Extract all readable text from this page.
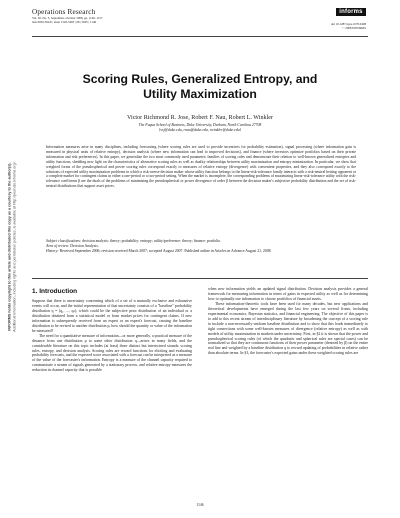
Operations Research
Vol. 56, No. 5, September–October 2008, pp. 1146–1157
issn 0030-364X | eissn 1526-5463 | 08 | 5605 | 1146
informs
doi 10.1287/opre.1070.0498
© 2008 INFORMS
INFORMS holds copyright to this article and distributed this copy as a courtesy to the author(s). Additional information, including rights and permission policies, is available at http://journals.informs.org/.
Scoring Rules, Generalized Entropy, and
Utility Maximization
Victor Richmond R. Jose, Robert F. Nau, Robert L. Winkler
The Fuqua School of Business, Duke University, Durham, North Carolina 27708
{vrj@duke.edu, rnau@duke.edu, rwinkler@duke.edu}
Information measures arise in many disciplines, including forecasting (where scoring rules are used to provide incentives for probability estimation), signal processing (where information gain is measured in physical units of relative entropy), decision analysis (where new information can lead to improved decisions), and finance (where investors optimize portfolios based on their private information and risk preferences). In this paper, we generalize the two most commonly used parametric families of scoring rules and demonstrate their relation to well-known generalized entropies and utility functions, shedding new light on the characteristics of alternative scoring rules as well as duality relationships between utility maximization and entropy minimization. In particular, we show that weighted forms of the pseudospherical and power scoring rules correspond exactly to measures of relative entropy (divergence) with convenient properties, and they also correspond exactly to the solutions of expected utility maximization problems in which a risk-averse decision maker whose utility function belongs to the linear-risk-tolerance family interacts with a risk-neutral betting opponent or a complete market for contingent claims in either a one-period or a two-period setting. When the market is incomplete, the corresponding problems of maximizing linear-risk-tolerance utility with the risk-tolerance coefficient β are the duals of the problems of minimizing the pseudospherical or power divergence of order β between the decision maker's subjective probability distribution and the set of risk-neutral distributions that support asset prices.
Subject classifications: decision analysis: theory; probability: entropy; utility/preference: theory; finance: portfolio.
Area of review: Decision Analysis.
History: Received September 2006; revision received March 2007; accepted August 2007. Published online in Articles in Advance August 21, 2008.
1. Introduction

Suppose that there is uncertainty concerning which of a set of n mutually exclusive and exhaustive events will occur, and the initial representation of that uncertainty consists of a "baseline" probability distribution q = (q₁, ..., qₙ), which could be the subjective prior distribution of an individual or a distribution obtained from a statistical model or from market prices for contingent claims. If new information is subsequently received from an expert or an expert's forecast, causing the baseline distribution to be revised to another distribution p, how should the quantity or value of the information be measured?

The need for a quantitative measure of information—or more generally, a practical measure of the distance from one distribution p to some other distribution q—arises in many fields, and the considerable literature on this topic includes (at least) three distinct but intertwined strands: scoring rules, entropy, and decision analysis. Scoring rules are reward functions for eliciting and evaluating probability forecasts, and the expected score associated with a forecast can be interpreted as a measure of the value of the forecaster's information. Entropy is a measure of the channel capacity required to communicate a stream of signals generated by a stationary process, and relative entropy measures the reduction in channel capacity that is possible

when new information yields an updated signal distribution. Decision analysis provides a general framework for measuring information in terms of gains in expected utility as well as for determining how to optimally use information to choose portfolios of financial assets.

These information-theoretic tools have been used for many decades, but new applications and theoretical developments have emerged during the last few years on several fronts, including experimental economics, Bayesian statistics, and financial engineering. The objective of this paper is to add to this recent stream of interdisciplinary literature by broadening the concept of a scoring rule to include a non-necessarily-uniform baseline distribution and to show that this leads immediately to tight connections with some well-known measures of divergence (relative entropy) as well as with models of utility maximization in markets under uncertainty. First, in §2 it is shown that the power and pseudospherical scoring rules (of which the quadratic and spherical rules are special cases) can be normalized so that they are continuous functions of their power parameter (denoted by β) on the entire real line and weighted by a baseline distribution q to reward updating of probabilities in relative rather than absolute terms. In §3, the forecaster's expected gains under these weighted scoring rules are

1146
